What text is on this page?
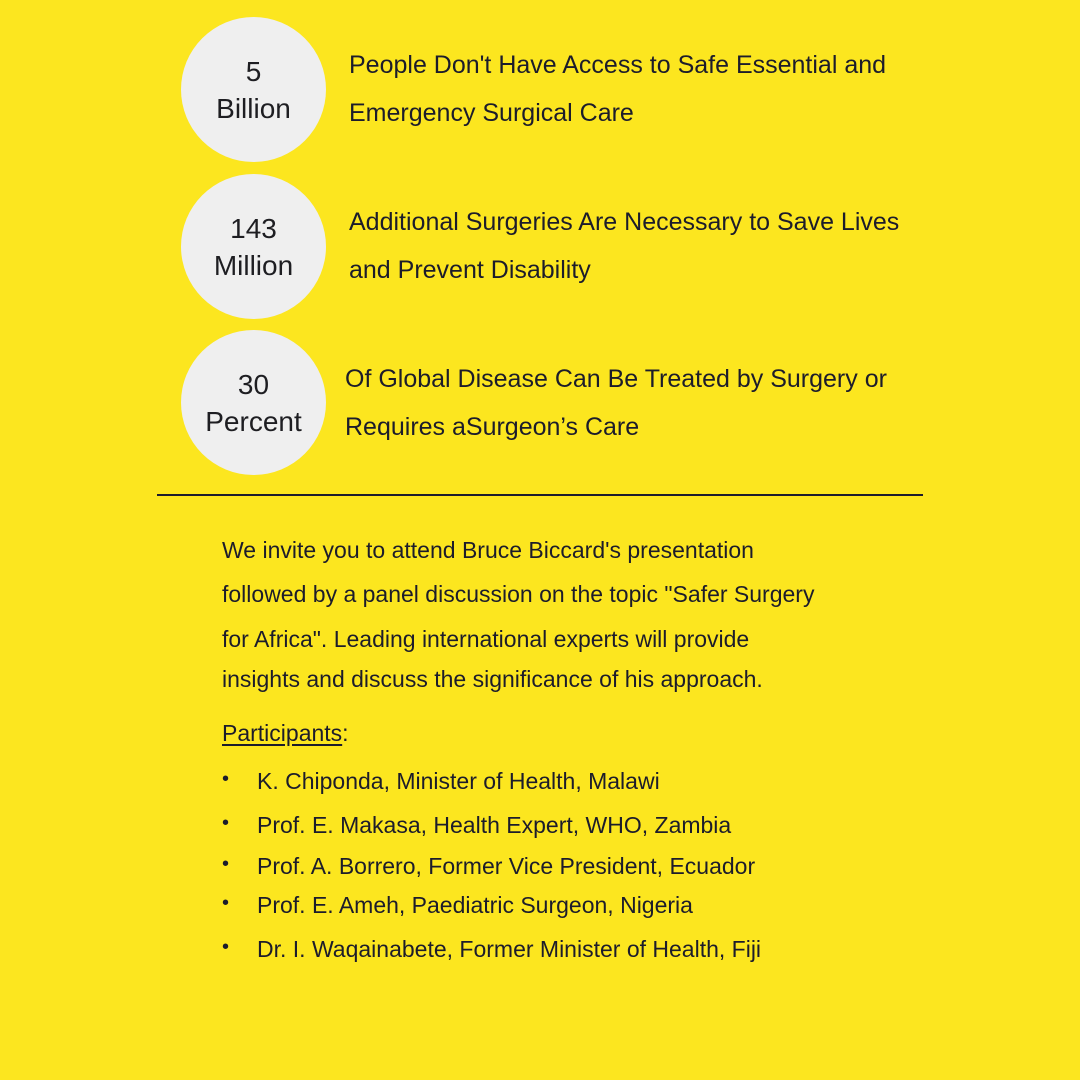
5
Billion
People Don't Have Access to Safe Essential and
Emergency Surgical Care
143
Million
Additional Surgeries Are Necessary to Save Lives
and Prevent Disability
30
Percent
Of Global Disease Can Be Treated by Surgery or
Requires aSurgeon’s Care
We invite you to attend Bruce Biccard's presentation
followed by a panel discussion on the topic "Safer Surgery
for Africa". Leading international experts will provide
insights and discuss the significance of his approach.
Participants:
• K. Chiponda, Minister of Health, Malawi
• Prof. E. Makasa, Health Expert, WHO, Zambia
• Prof. A. Borrero, Former Vice President, Ecuador
• Prof. E. Ameh, Paediatric Surgeon, Nigeria
• Dr. I. Waqainabete, Former Minister of Health, Fiji
